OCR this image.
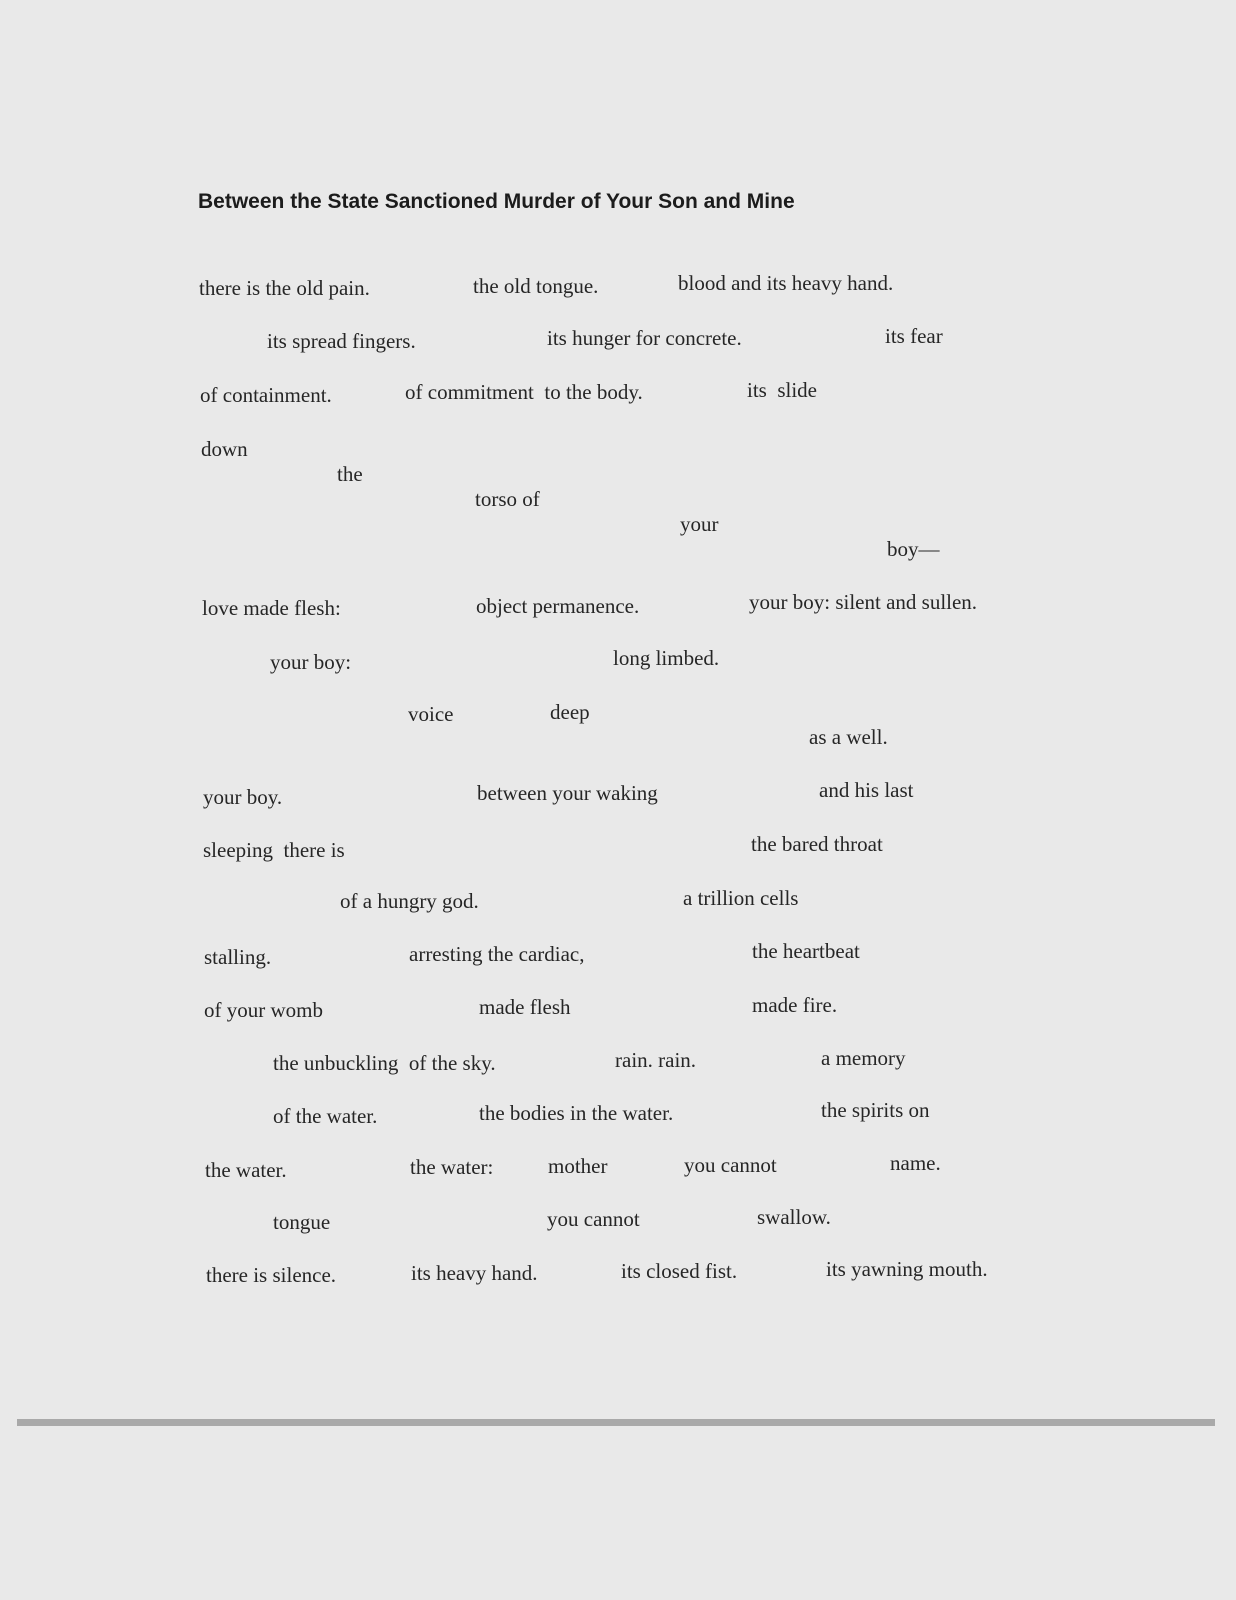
Between the State Sanctioned Murder of Your Son and Mine
there is the old pain.	the old tongue.	blood and its heavy hand.
its spread fingers.	its hunger for concrete.	its fear
of containment.	of commitment  to the body.	its  slide
down
the
torso of
your
boy—
love made flesh:	object permanence.	your boy: silent and sullen.
your boy:	long limbed.
voice	deep
as a well.
your boy.	between your waking	and his last
sleeping  there is	the bared throat
of a hungry god.	a trillion cells
stalling.	arresting the cardiac,	the heartbeat
of your womb	made flesh	made fire.
the unbuckling  of the sky.	rain. rain.	a memory
of the water.	the bodies in the water.	the spirits on
the water.	the water:	mother	you cannot	name.
tongue	you cannot	swallow.
there is silence.	its heavy hand.	its closed fist.	its yawning mouth.
